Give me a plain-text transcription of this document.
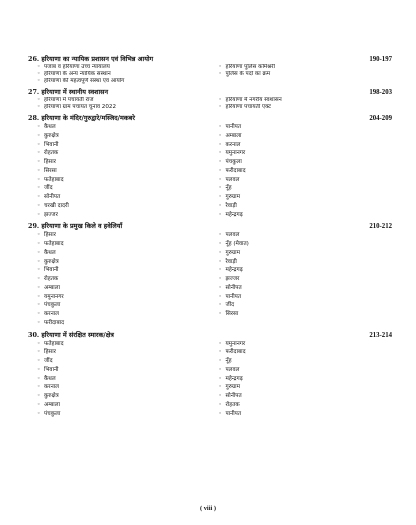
26. हरियाणा का न्यायिक प्रशासन एवं विभिन्न आयोग	190-197
◦ पंजाब व हरियाणा उच्च न्यायालय	◦ हरियाणा पुलिस कमिश्नरी
◦ हरियाणा के अन्य न्यायिक संस्थान	◦ पुलिस के पदों का क्रम
◦ हरियाणा की महत्वपूर्ण संस्था एवं आयोग
27. हरियाणा में स्थानीय स्वशासन	198-203
◦ हरियाणा में पंचायती राज	◦ हरियाणा में नगरीय स्वशासन
◦ हरियाणा ग्राम पंचायत चुनाव 2022	◦ हरियाणा पंचायती एक्ट
28. हरियाणा के मंदिर/गुरुद्वारे/मस्जिद/मकबरे	204-209
◦ कैथल	◦ पानीपत
◦ कुरुक्षेत्र	◦ अम्बाला
◦ भिवानी	◦ करनाल
◦ रोहतक	◦ यमुनानगर
◦ हिसार	◦ पंचकुला
◦ सिरसा	◦ फरीदाबाद
◦ फतेहाबाद	◦ पलवल
◦ जींद	◦ नूँह
◦ सोनीपत	◦ गुरुग्राम
◦ चरखी दादरी	◦ रेवाड़ी
◦ झज्जर	◦ महेन्द्रगढ़
29. हरियाणा के प्रमुख किले व हवेलियाँ	210-212
◦ हिसार	◦ पलवल
◦ फतेहाबाद	◦ नूँह (मेवात)
◦ कैथल	◦ गुरुग्राम
◦ कुरुक्षेत्र	◦ रेवाड़ी
◦ भिवानी	◦ महेन्द्रगढ़
◦ रोहतक	◦ झज्जर
◦ अम्बाला	◦ सोनीपत
◦ यमुनानगर	◦ पानीपत
◦ पंचकुला	◦ जींद
◦ करनाल	◦ सिरसा
◦ फरीदाबाद
30. हरियाणा में संरक्षित स्मारक/क्षेत्र	213-214
◦ फतेहाबाद	◦ यमुनानगर
◦ हिसार	◦ फरीदाबाद
◦ जींद	◦ नूँह
◦ भिवानी	◦ पलवल
◦ कैथल	◦ महेन्द्रगढ़
◦ करनाल	◦ गुरुग्राम
◦ कुरुक्षेत्र	◦ सोनीपत
◦ अम्बाला	◦ रोहतक
◦ पंचकुला	◦ पानीपत
( viii )
